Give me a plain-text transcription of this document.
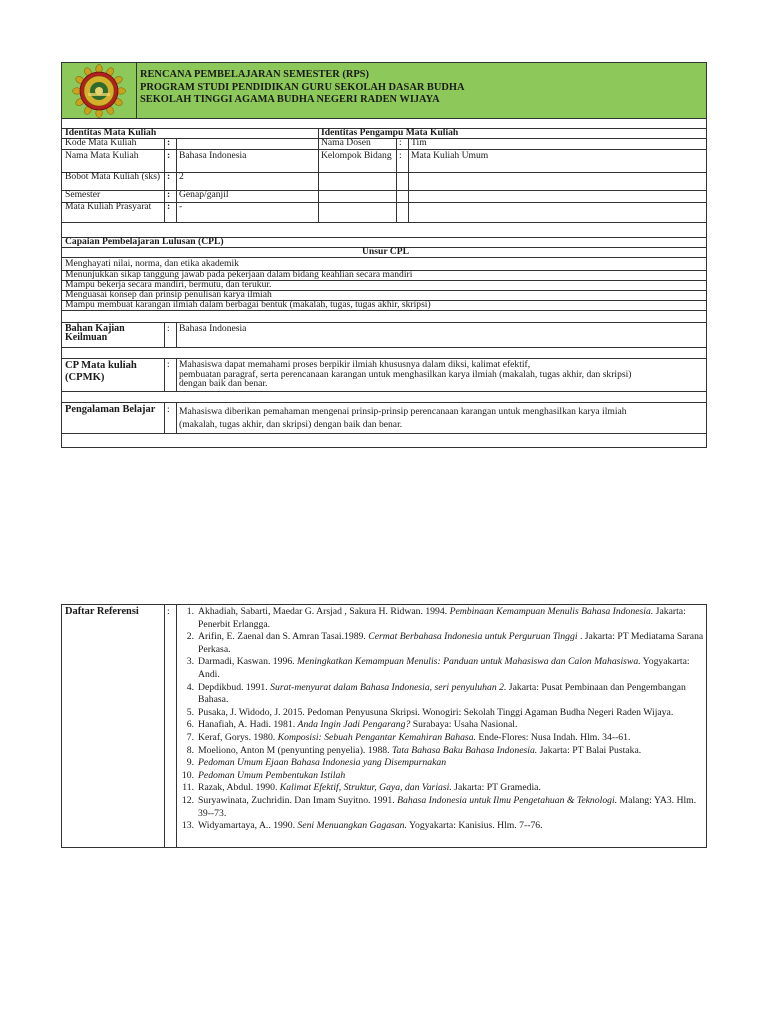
RENCANA PEMBELAJARAN SEMESTER (RPS)
PROGRAM STUDI PENDIDIKAN GURU SEKOLAH DASAR BUDHA
SEKOLAH TINGGI AGAMA BUDHA NEGERI RADEN WIJAYA
Identitas Mata Kuliah	Identitas Pengampu Mata Kuliah
Kode Mata Kuliah	:	Nama Dosen	: Tim
Nama Mata Kuliah	: Bahasa Indonesia	Kelompok Bidang : Mata Kuliah Umum
Bobot Mata Kuliah (sks) : 2
Semester	: Genap/ganjil
Mata Kuliah Prasyarat	: -
Capaian Pembelajaran Lulusan (CPL)
Unsur CPL
Menghayati nilai, norma, dan etika akademik
Menunjukkan sikap tanggung jawab pada pekerjaan dalam bidang keahlian secara mandiri
Mampu bekerja secara mandiri, bermutu, dan terukur.
Menguasai konsep dan prinsip penulisan karya ilmiah
Mampu membuat karangan ilmiah dalam berbagai bentuk (makalah, tugas, tugas akhir, skripsi)
Bahan Kajian Keilmuan
: Bahasa Indonesia
CP Mata kuliah (CPMK)
: Mahasiswa dapat memahami proses berpikir ilmiah khususnya dalam diksi, kalimat efektif,
pembuatan paragraf, serta perencanaan karangan untuk menghasilkan karya ilmiah (makalah, tugas akhir, dan skripsi)
dengan baik dan benar.
Pengalaman Belajar	: Mahasiswa diberikan pemahaman mengenai prinsip-prinsip perencanaan karangan untuk menghasilkan karya ilmiah
(makalah, tugas akhir, dan skripsi) dengan baik dan benar.
Daftar Referensi	:	1. Akhadiah, Sabarti, Maedar G. Arsjad , Sakura H. Ridwan. 1994. Pembinaan Kemampuan Menulis Bahasa Indonesia. Jakarta: Penerbit Erlangga.
2. Arifin, E. Zaenal dan S. Amran Tasai.1989. Cermat Berbahasa Indonesia untuk Perguruan Tinggi . Jakarta: PT Mediatama Sarana Perkasa.
3. Darmadi, Kaswan. 1996. Meningkatkan Kemampuan Menulis: Panduan untuk Mahasiswa dan Calon Mahasiswa. Yogyakarta: Andi.
4. Depdikbud. 1991. Surat-menyurat dalam Bahasa Indonesia, seri penyuluhan 2. Jakarta: Pusat Pembinaan dan Pengembangan Bahasa.
5. Pusaka, J. Widodo, J. 2015. Pedoman Penyusuna Skripsi. Wonogiri: Sekolah Tinggi Agaman Budha Negeri Raden Wijaya.
6. Hanafiah, A. Hadi. 1981. Anda Ingin Jadi Pengarang? Surabaya: Usaha Nasional.
7. Keraf, Gorys. 1980. Komposisi: Sebuah Pengantar Kemahiran Bahasa. Ende-Flores: Nusa Indah. Hlm. 34--61.
8. Moeliono, Anton M (penyunting penyelia). 1988. Tata Bahasa Baku Bahasa Indonesia. Jakarta: PT Balai Pustaka.
9. Pedoman Umum Ejaan Bahasa Indonesia yang Disempurnakan
10. Pedoman Umum Pembentukan Istilah
11. Razak, Abdul. 1990. Kalimat Efektif, Struktur, Gaya, dan Variasi. Jakarta: PT Gramedia.
12. Suryawinata, Zuchridin. Dan Imam Suyitno. 1991. Bahasa Indonesia untuk Ilmu Pengetahuan & Teknologi. Malang: YA3. Hlm. 39--73.
13. Widyamartaya, A.. 1990. Seni Menuangkan Gagasan. Yogyakarta: Kanisius. Hlm. 7--76.
